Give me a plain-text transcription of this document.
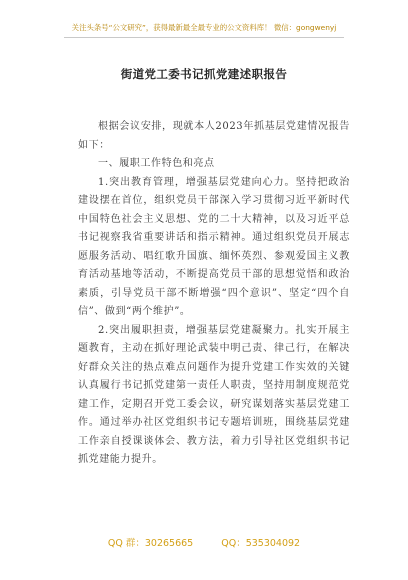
关注头条号“公文研究”，获得最新最全最专业的公文资料库！ 微信：gongwenyj
街道党工委书记抓党建述职报告

根据会议安排，现就本人2023年抓基层党建情况报告如下：

一、履职工作特色和亮点

1.突出教育管理，增强基层党建向心力。坚持把政治建设摆在首位，组织党员干部深入学习贯彻习近平新时代中国特色社会主义思想、党的二十大精神，以及习近平总书记视察我省重要讲话和指示精神。通过组织党员开展志愿服务活动、唱红歌升国旗、缅怀英烈、参观爱国主义教育活动基地等活动，不断提高党员干部的思想觉悟和政治素质，引导党员干部不断增强“四个意识”、坚定“四个自信”、做到“两个维护”。

2.突出履职担责，增强基层党建凝聚力。扎实开展主题教育，主动在抓好理论武装中明己责、律己行，在解决好群众关注的热点难点问题作为提升党建工作实效的关键认真履行书记抓党建第一责任人职责，坚持用制度规范党建工作，定期召开党工委会议，研究谋划落实基层党建工作。通过举办社区党组织书记专题培训班，围绕基层党建工作亲自授课谈体会、教方法，着力引导社区党组织书记抓党建能力提升。

QQ 群：30265665	QQ：535304092
